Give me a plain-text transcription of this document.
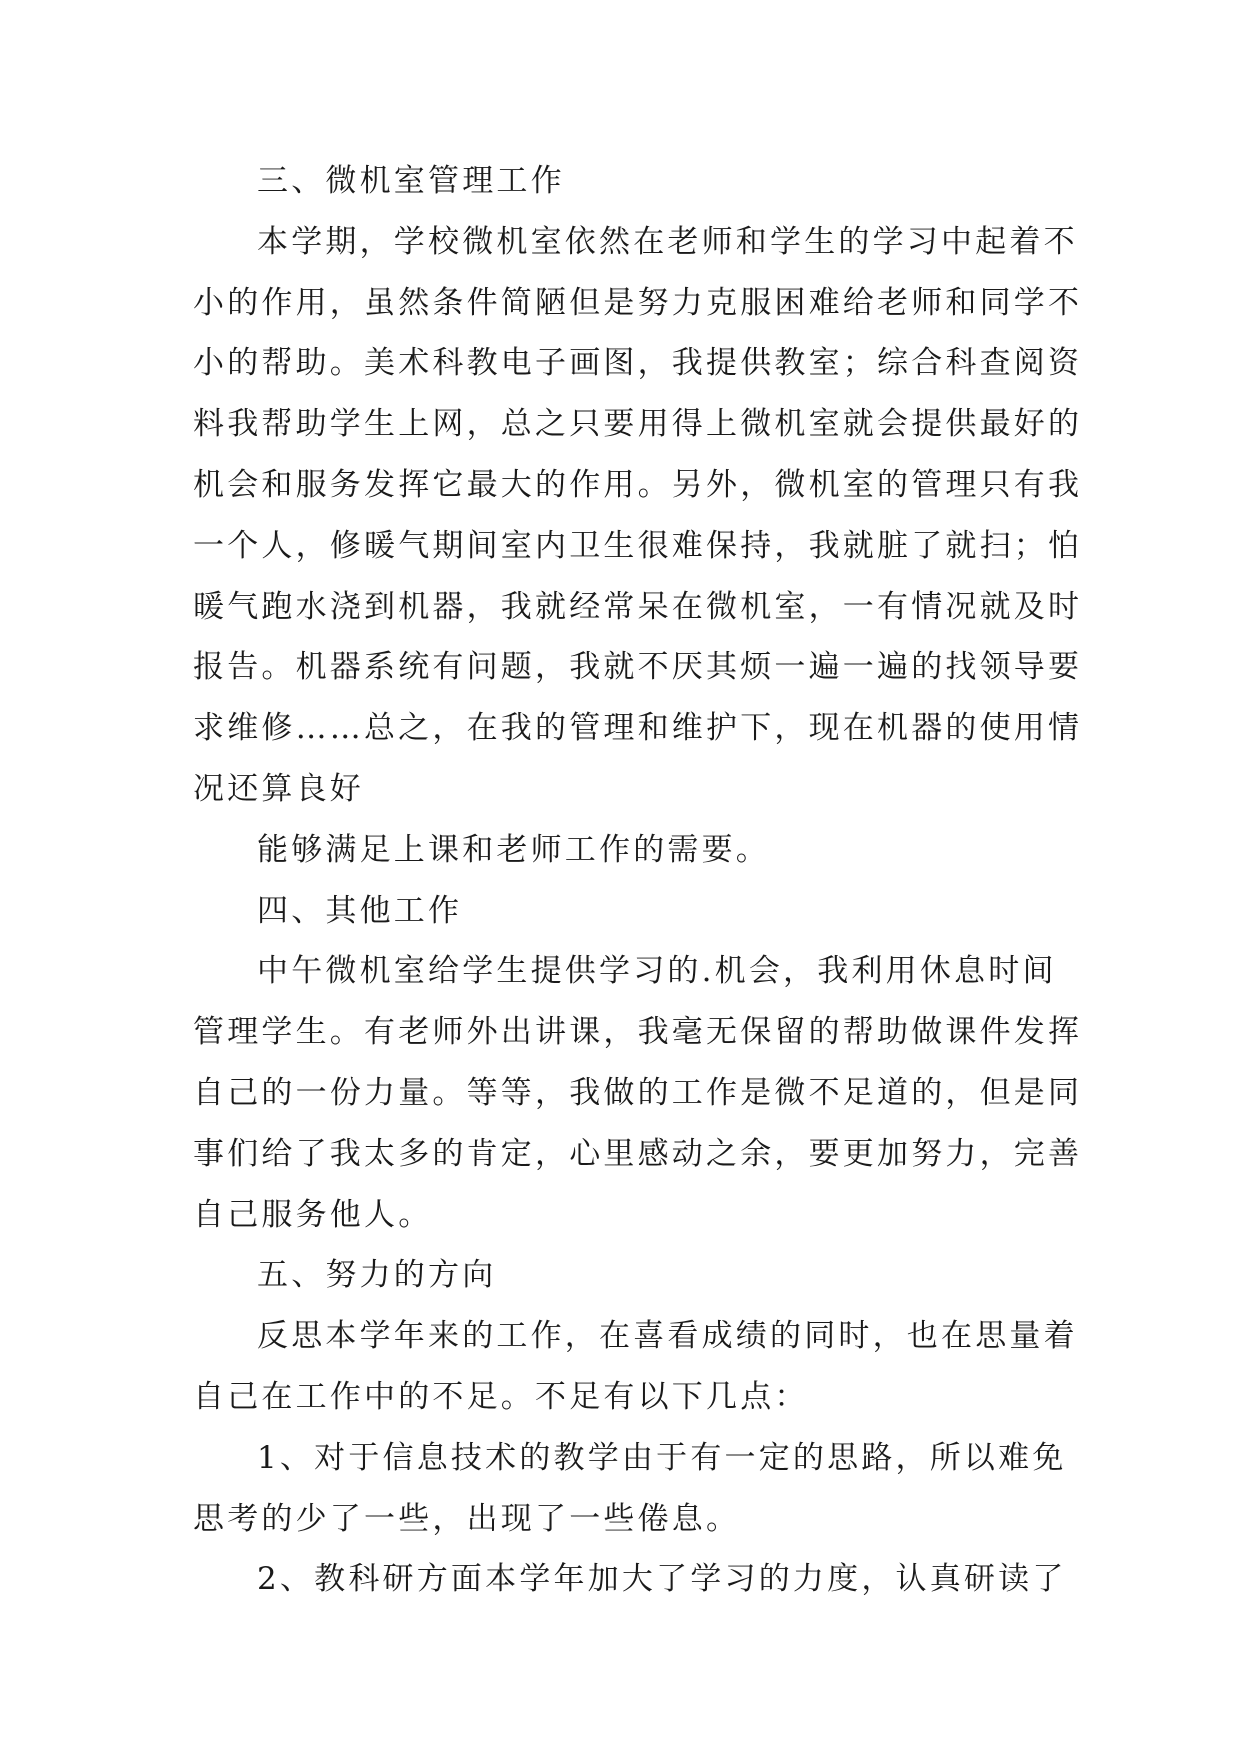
三、微机室管理工作
本学期，学校微机室依然在老师和学生的学习中起着不
小的作用，虽然条件简陋但是努力克服困难给老师和同学不
小的帮助。美术科教电子画图，我提供教室；综合科查阅资
料我帮助学生上网，总之只要用得上微机室就会提供最好的
机会和服务发挥它最大的作用。另外，微机室的管理只有我
一个人，修暖气期间室内卫生很难保持，我就脏了就扫；怕
暖气跑水浇到机器，我就经常呆在微机室，一有情况就及时
报告。机器系统有问题，我就不厌其烦一遍一遍的找领导要
求维修……总之，在我的管理和维护下，现在机器的使用情
况还算良好
能够满足上课和老师工作的需要。
四、其他工作
中午微机室给学生提供学习的.机会，我利用休息时间
管理学生。有老师外出讲课，我毫无保留的帮助做课件发挥
自己的一份力量。等等，我做的工作是微不足道的，但是同
事们给了我太多的肯定，心里感动之余，要更加努力，完善
自己服务他人。
五、努力的方向
反思本学年来的工作，在喜看成绩的同时，也在思量着
自己在工作中的不足。不足有以下几点：
1、对于信息技术的教学由于有一定的思路，所以难免
思考的少了一些，出现了一些倦息。
2、教科研方面本学年加大了学习的力度，认真研读了
